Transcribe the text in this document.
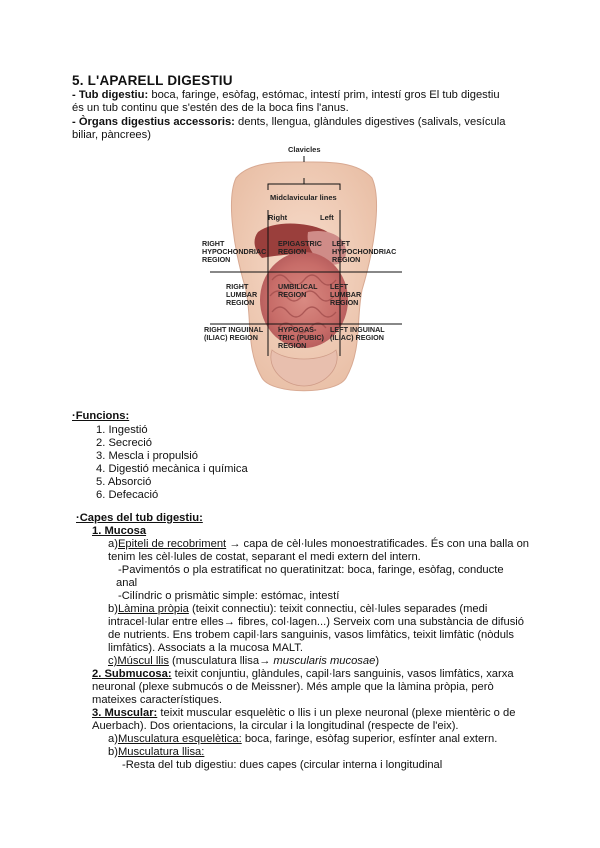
5. L'APARELL DIGESTIU
- Tub digestiu: boca, faringe, esòfag, estómac, intestí prim, intestí gros El tub digestiu
és un tub continu que s'estén des de la boca fins l'anus.
- Òrgans digestius accessoris: dents, llengua, glàndules digestives (salivals, vesícula
biliar, pàncrees)
Clavicles
Midclavicular lines
Right	Left
RIGHT
HYPOCHONDRIAC
REGION
EPIGASTRIC
REGION
LEFT
HYPOCHONDRIAC
REGION
RIGHT
LUMBAR
REGION
UMBILICAL
REGION
LEFT
LUMBAR
REGION
RIGHT INGUINAL
(ILIAC) REGION
HYPOGAS-
TRIC (PUBIC)
REGION
LEFT INGUINAL
(ILIAC) REGION
·Funcions:
1. Ingestió
2. Secreció
3. Mescla i propulsió
4. Digestió mecànica i química
5. Absorció
6. Defecació
·Capes del tub digestiu:
1. Mucosa
a)Epiteli de recobriment → capa de cèl·lules monoestratificades. És con una balla on
tenim les cèl·lules de costat, separant el medi extern del intern.
-Pavimentós o pla estratificat no queratinitzat: boca, faringe, esòfag, conducte
anal
-Cilíndric o prismàtic simple: estómac, intestí
b)Làmina pròpia (teixit connectiu): teixit connectiu, cèl·lules separades (medi
intracel·lular entre elles→ fibres, col·lagen...) Serveix com una substància de difusió
de nutrients. Ens trobem capil·lars sanguinis, vasos limfàtics, teixit limfàtic (nòduls
limfàtics). Associats a la mucosa MALT.
c)Múscul llis (musculatura llisa→ muscularis mucosae)
2. Submucosa: teixit conjuntiu, glàndules, capil·lars sanguinis, vasos limfàtics, xarxa
neuronal (plexe submucós o de Meissner). Més ample que la làmina pròpia, però
mateixes característiques.
3. Muscular: teixit muscular esquelètic o llis i un plexe neuronal (plexe mientèric o de
Auerbach). Dos orientacions, la circular i la longitudinal (respecte de l'eix).
a)Musculatura esquelètica: boca, faringe, esòfag superior, esfínter anal extern.
b)Musculatura llisa:
-Resta del tub digestiu: dues capes (circular interna i longitudinal
